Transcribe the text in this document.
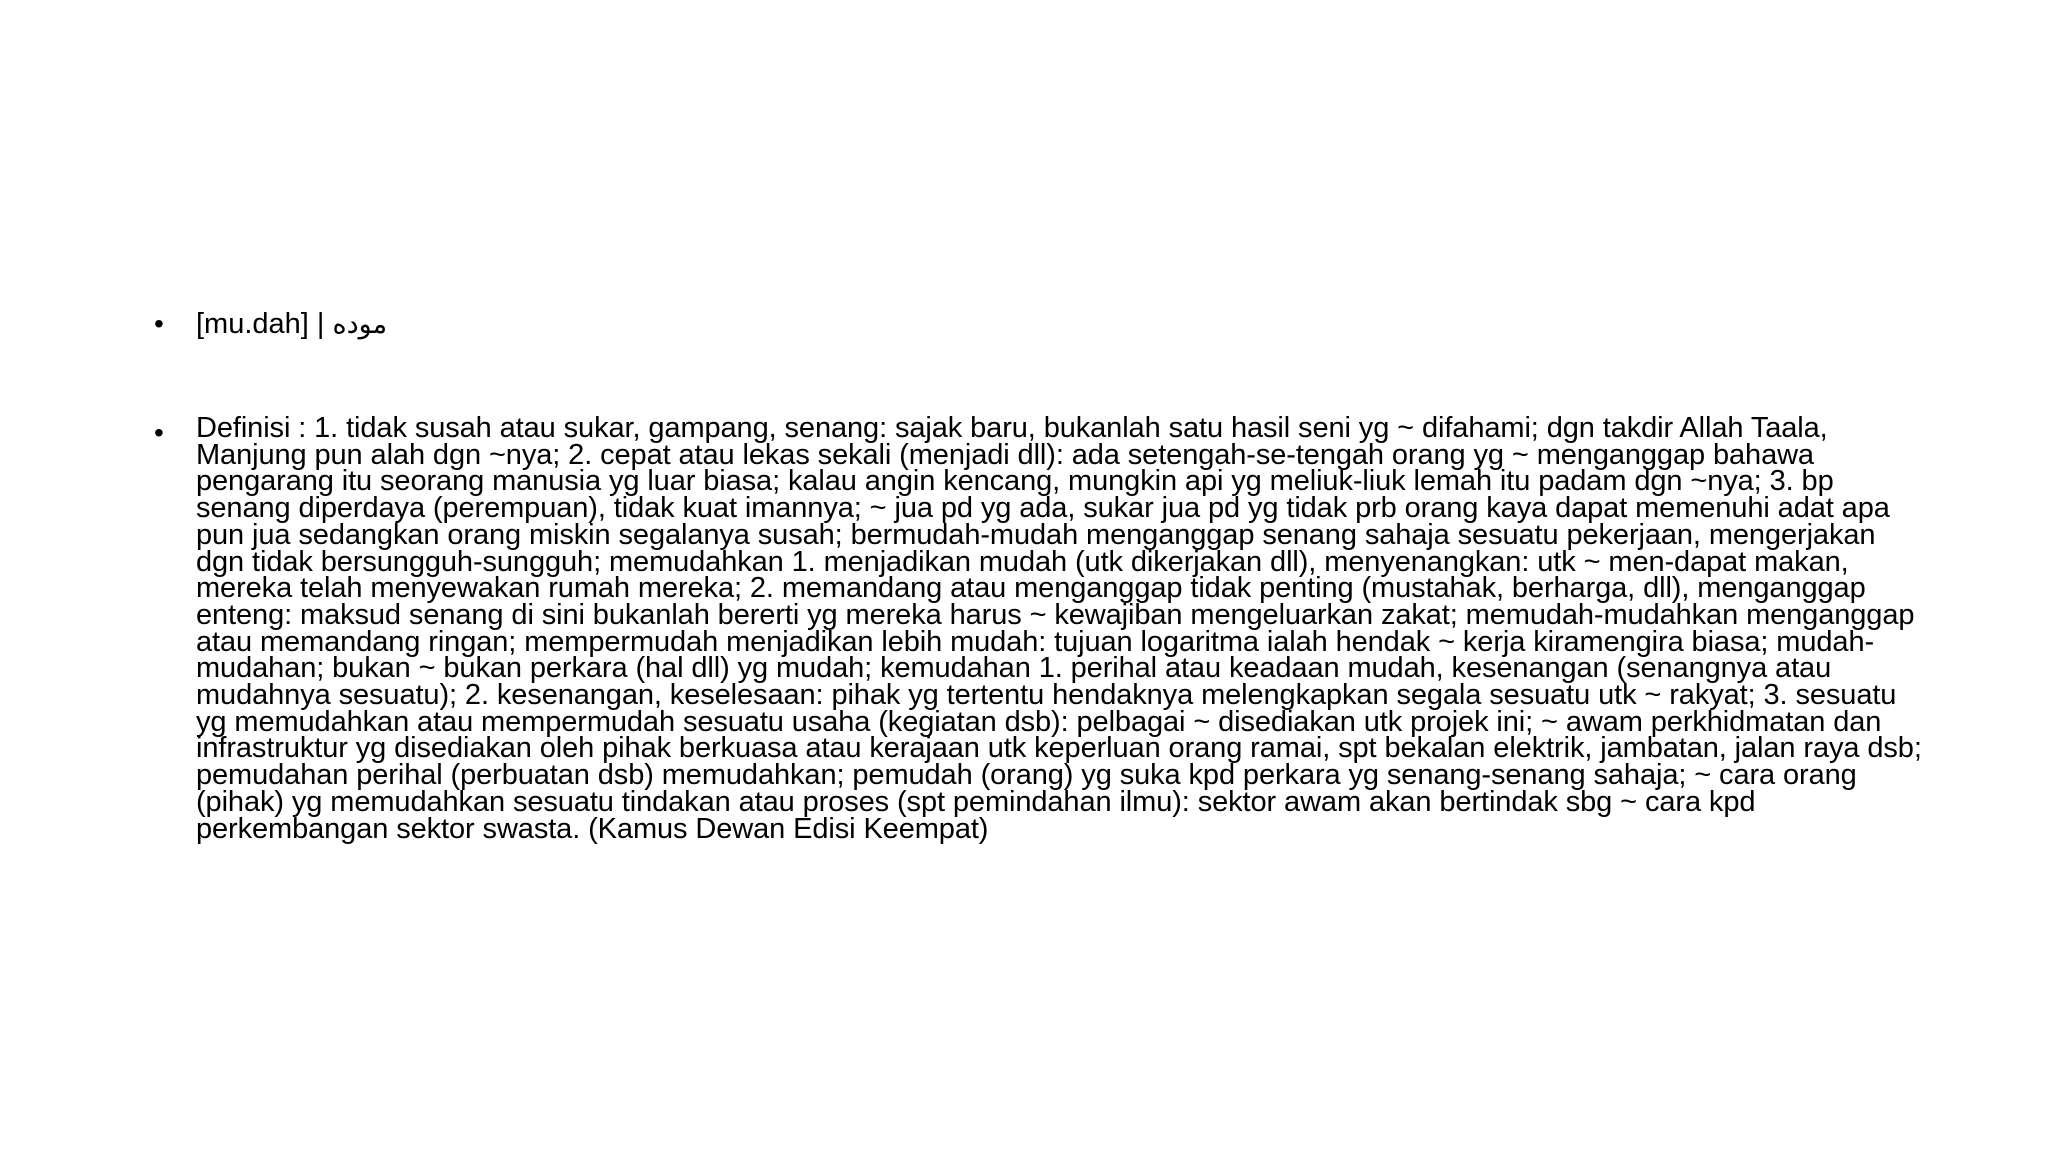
• [mu.dah] | موده
• Definisi : 1. tidak susah atau sukar, gampang, senang: sajak baru, bukanlah satu hasil seni yg ~ difahami; dgn takdir Allah Taala, Manjung pun alah dgn ~nya; 2. cepat atau lekas sekali (menjadi dll): ada setengah-se-tengah orang yg ~ menganggap bahawa pengarang itu seorang manusia yg luar biasa; kalau angin kencang, mungkin api yg meliuk-liuk lemah itu padam dgn ~nya; 3. bp senang diperdaya (perempuan), tidak kuat imannya; ~ jua pd yg ada, sukar jua pd yg tidak prb orang kaya dapat memenuhi adat apa pun jua sedangkan orang miskin segalanya susah; bermudah-mudah menganggap senang sahaja sesuatu pekerjaan, mengerjakan dgn tidak bersungguh-sungguh; memudahkan 1. menjadikan mudah (utk dikerjakan dll), menyenangkan: utk ~ men-dapat makan, mereka telah menyewakan rumah mereka; 2. memandang atau menganggap tidak penting (mustahak, berharga, dll), menganggap enteng: maksud senang di sini bukanlah bererti yg mereka harus ~ kewajiban mengeluarkan zakat; memudah-mudahkan menganggap atau memandang ringan; mempermudah menjadikan lebih mudah: tujuan logaritma ialah hendak ~ kerja kiramengira biasa; mudah-mudahan; bukan ~ bukan perkara (hal dll) yg mudah; kemudahan 1. perihal atau keadaan mudah, kesenangan (senangnya atau mudahnya sesuatu); 2. kesenangan, keselesaan: pihak yg tertentu hendaknya melengkapkan segala sesuatu utk ~ rakyat; 3. sesuatu yg memudahkan atau mempermudah sesuatu usaha (kegiatan dsb): pelbagai ~ disediakan utk projek ini; ~ awam perkhidmatan dan infrastruktur yg disediakan oleh pihak berkuasa atau kerajaan utk keperluan orang ramai, spt bekalan elektrik, jambatan, jalan raya dsb; pemudahan perihal (perbuatan dsb) memudahkan; pemudah (orang) yg suka kpd perkara yg senang-senang sahaja; ~ cara orang (pihak) yg memudahkan sesuatu tindakan atau proses (spt pemindahan ilmu): sektor awam akan bertindak sbg ~ cara kpd perkembangan sektor swasta. (Kamus Dewan Edisi Keempat)
